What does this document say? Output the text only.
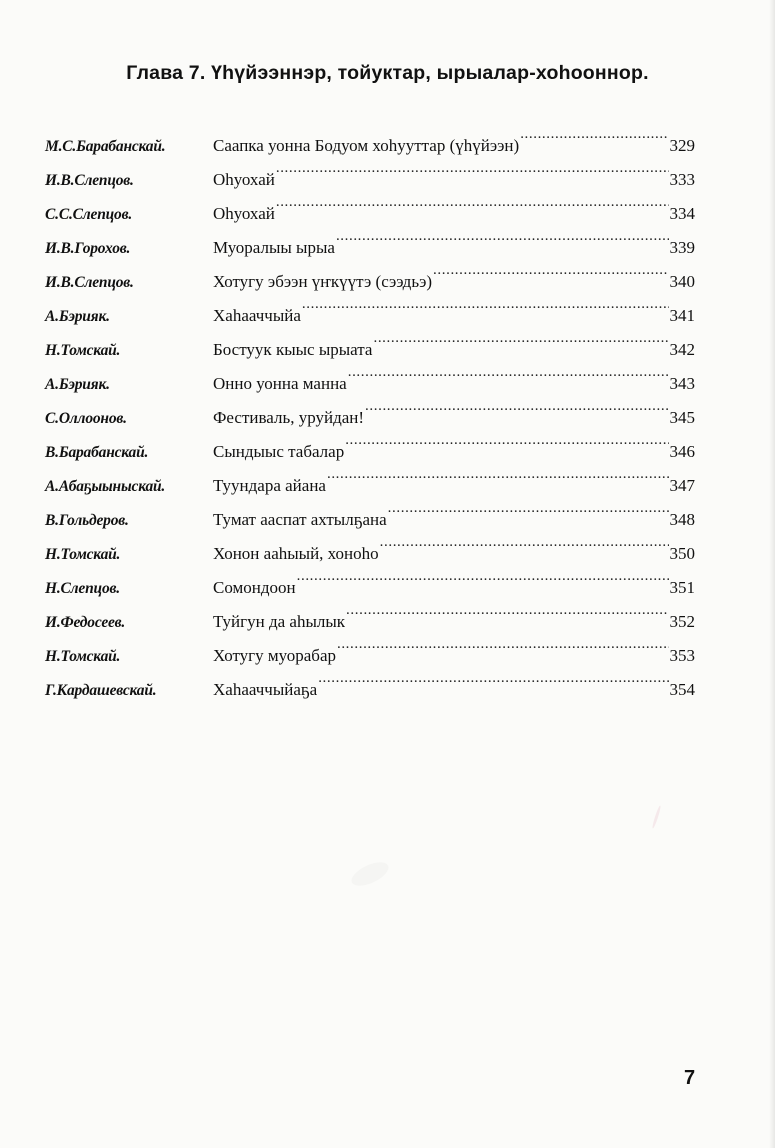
Глава 7. Үһүйээннэр, тойуктар, ырыалар-хоһооннор.
М.С.Барабанскай.	Саапка уонна Бодуом хоһууттар (үһүйээн) .....	329
И.В.Слепцов.	Оһуохай .....	333
С.С.Слепцов.	Оһуохай .....	334
И.В.Горохов.	Муоралыы ырыа .....	339
И.В.Слепцов.	Хотугу эбээн үҥкүүтэ (сээдьэ) .....	340
А.Бэрияк.	Хаһааччыйа .....	341
Н.Томскай.	Бостуук кыыс ырыата .....	342
А.Бэрияк.	Онно уонна манна .....	343
С.Оллоонов.	Фестиваль, уруйдан! .....	345
В.Барабанскай.	Сындыыс табалар .....	346
А.Абаҕыыныскай.	Туундара айана .....	347
В.Гольдеров.	Тумат ааспат ахтылҕана .....	348
Н.Томскай.	Хонон ааһыый, хоноһо .....	350
Н.Слепцов.	Сомондоон .....	351
И.Федосеев.	Туйгун да аһылык .....	352
Н.Томскай.	Хотугу муорабар .....	353
Г.Кардашевскай.	Хаһааччыйаҕа .....	354
7
